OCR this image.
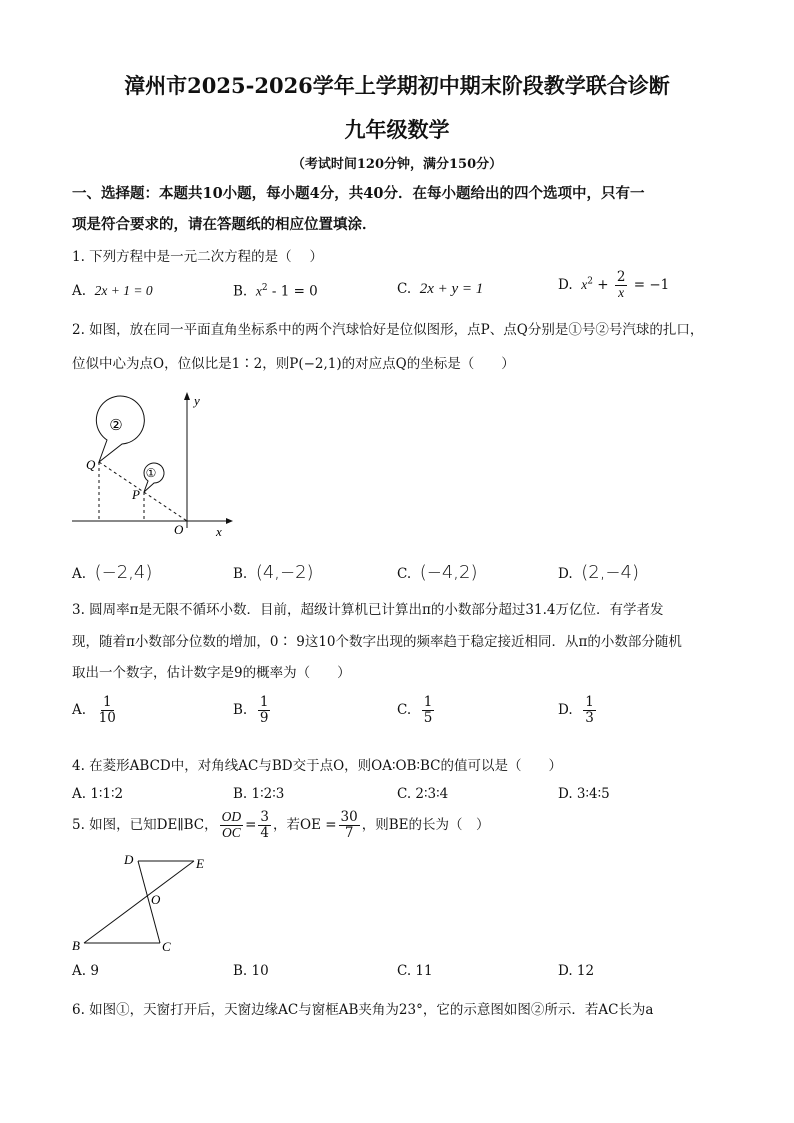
漳州市2025-2026学年上学期初中期末阶段教学联合诊断
九年级数学
（考试时间120分钟，满分150分）
一、选择题：本题共10小题，每小题4分，共40分．在每小题给出的四个选项中，只有一
项是符合要求的，请在答题纸的相应位置填涂．
1. 下列方程中是一元二次方程的是（　 ）
A. 2x + 1 = 0	B. $x^2 - 1 = 0$	C. 2x + y = 1	D. $x^2 + \frac{2}{x} = -1$
2. 如图，放在同一平面直角坐标系中的两个汽球恰好是位似图形，点P、点Q分别是①号②号汽球的扎口，
位似中心为点O，位似比是1∶2，则P(−2,1)的对应点Q的坐标是（　　）
②
①
Q
P
O	x
y
A. (−2,4)	B. (4,−2)	C. (−4,2)	D. (2,−4)
3. 圆周率π是无限不循环小数．目前，超级计算机已计算出π的小数部分超过31.4万亿位．有学者发
现，随着π小数部分位数的增加，0∶ 9这10个数字出现的频率趋于稳定接近相同．从π的小数部分随机
取出一个数字，估计数字是9的概率为（　　）
A. $\frac{1}{10}$	B. $\frac{1}{9}$	C. $\frac{1}{5}$	D. $\frac{1}{3}$
4. 在菱形ABCD中，对角线AC与BD交于点O，则OA∶OB∶BC的值可以是（　　）
A. 1∶1∶2	B. 1∶2∶3	C. 2∶3∶4	D. 3∶4∶5
5. 如图，已知DE∥BC， $\frac{OD}{OC} = \frac{3}{4}$ ，若OE = $\frac{30}{7}$ ，则BE的长为（　）
D	E
O
B	C
A. 9	B. 10	C. 11	D. 12
6. 如图①，天窗打开后，天窗边缘AC与窗框AB夹角为23°，它的示意图如图②所示．若AC长为a
